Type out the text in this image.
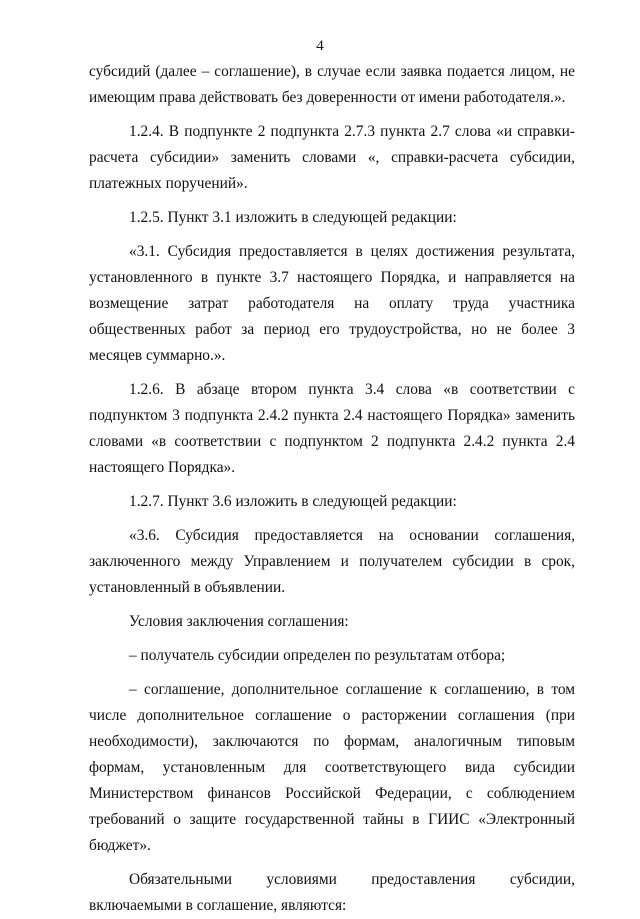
4

субсидий (далее – соглашение), в случае если заявка подается лицом, не имеющим права действовать без доверенности от имени работодателя.».

1.2.4. В подпункте 2 подпункта 2.7.3 пункта 2.7 слова «и справки-расчета субсидии» заменить словами «, справки-расчета субсидии, платежных поручений».

1.2.5. Пункт 3.1 изложить в следующей редакции:

«3.1. Субсидия предоставляется в целях достижения результата, установленного в пункте 3.7 настоящего Порядка, и направляется на возмещение затрат работодателя на оплату труда участника общественных работ за период его трудоустройства, но не более 3 месяцев суммарно.».

1.2.6. В абзаце втором пункта 3.4 слова «в соответствии с подпунктом 3 подпункта 2.4.2 пункта 2.4 настоящего Порядка» заменить словами «в соответствии с подпунктом 2 подпункта 2.4.2 пункта 2.4 настоящего Порядка».

1.2.7. Пункт 3.6 изложить в следующей редакции:

«3.6. Субсидия предоставляется на основании соглашения, заключенного между Управлением и получателем субсидии в срок, установленный в объявлении.

Условия заключения соглашения:

– получатель субсидии определен по результатам отбора;

– соглашение, дополнительное соглашение к соглашению, в том числе дополнительное соглашение о расторжении соглашения (при необходимости), заключаются по формам, аналогичным типовым формам, установленным для соответствующего вида субсидии Министерством финансов Российской Федерации, с соблюдением требований о защите государственной тайны в ГИИС «Электронный бюджет».

Обязательными условиями предоставления субсидии, включаемыми в соглашение, являются:
